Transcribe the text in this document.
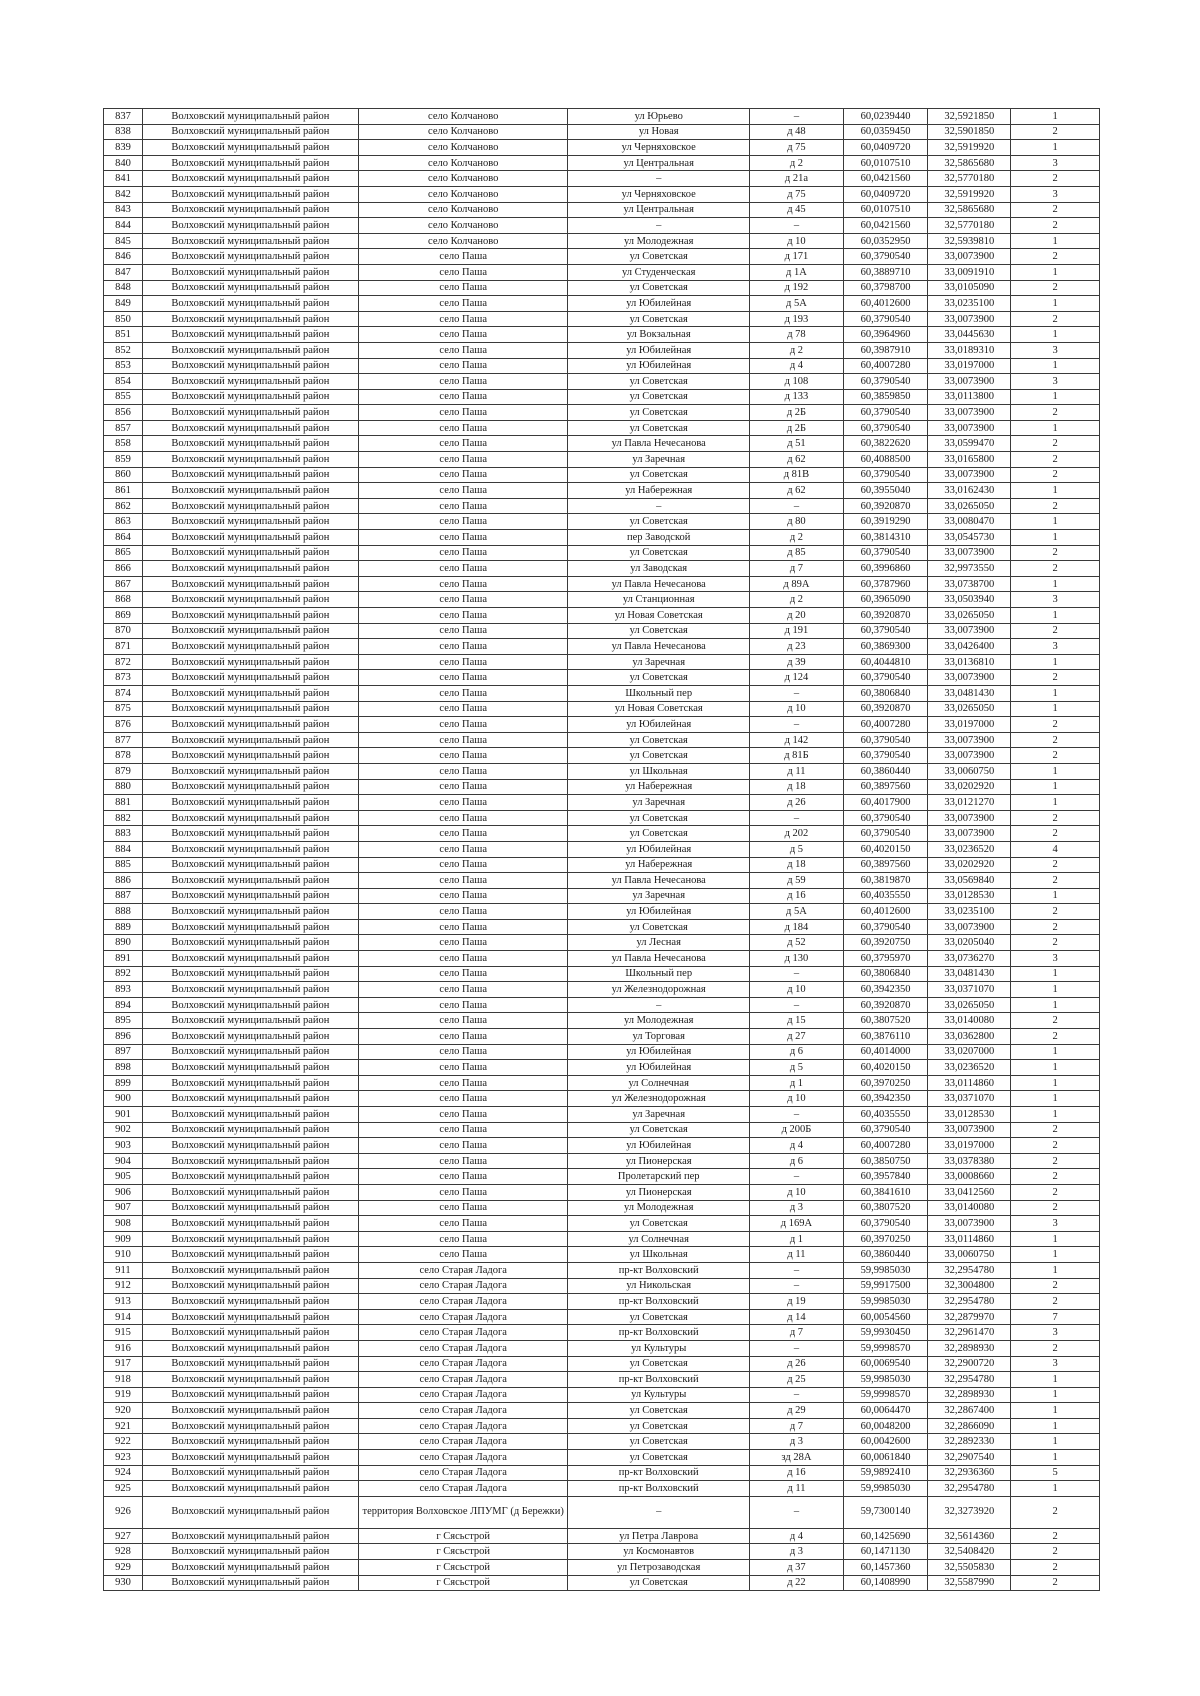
837	Волховский муниципальный район	село Колчаново	ул Юрьево	–	60,0239440	32,5921850	1
838	Волховский муниципальный район	село Колчаново	ул Новая	д 48	60,0359450	32,5901850	2
839	Волховский муниципальный район	село Колчаново	ул Черняховское	д 75	60,0409720	32,5919920	1
840	Волховский муниципальный район	село Колчаново	ул Центральная	д 2	60,0107510	32,5865680	3
841	Волховский муниципальный район	село Колчаново	–	д 21а	60,0421560	32,5770180	2
842	Волховский муниципальный район	село Колчаново	ул Черняховское	д 75	60,0409720	32,5919920	3
843	Волховский муниципальный район	село Колчаново	ул Центральная	д 45	60,0107510	32,5865680	2
844	Волховский муниципальный район	село Колчаново	–	–	60,0421560	32,5770180	2
845	Волховский муниципальный район	село Колчаново	ул Молодежная	д 10	60,0352950	32,5939810	1
846	Волховский муниципальный район	село Паша	ул Советская	д 171	60,3790540	33,0073900	2
847	Волховский муниципальный район	село Паша	ул Студенческая	д 1А	60,3889710	33,0091910	1
848	Волховский муниципальный район	село Паша	ул Советская	д 192	60,3798700	33,0105090	2
849	Волховский муниципальный район	село Паша	ул Юбилейная	д 5А	60,4012600	33,0235100	1
850	Волховский муниципальный район	село Паша	ул Советская	д 193	60,3790540	33,0073900	2
851	Волховский муниципальный район	село Паша	ул Вокзальная	д 78	60,3964960	33,0445630	1
852	Волховский муниципальный район	село Паша	ул Юбилейная	д 2	60,3987910	33,0189310	3
853	Волховский муниципальный район	село Паша	ул Юбилейная	д 4	60,4007280	33,0197000	1
854	Волховский муниципальный район	село Паша	ул Советская	д 108	60,3790540	33,0073900	3
855	Волховский муниципальный район	село Паша	ул Советская	д 133	60,3859850	33,0113800	1
856	Волховский муниципальный район	село Паша	ул Советская	д 2Б	60,3790540	33,0073900	2
857	Волховский муниципальный район	село Паша	ул Советская	д 2Б	60,3790540	33,0073900	1
858	Волховский муниципальный район	село Паша	ул Павла Нечесанова	д 51	60,3822620	33,0599470	2
859	Волховский муниципальный район	село Паша	ул Заречная	д 62	60,4088500	33,0165800	2
860	Волховский муниципальный район	село Паша	ул Советская	д 81В	60,3790540	33,0073900	2
861	Волховский муниципальный район	село Паша	ул Набережная	д 62	60,3955040	33,0162430	1
862	Волховский муниципальный район	село Паша	–	–	60,3920870	33,0265050	2
863	Волховский муниципальный район	село Паша	ул Советская	д 80	60,3919290	33,0080470	1
864	Волховский муниципальный район	село Паша	пер Заводской	д 2	60,3814310	33,0545730	1
865	Волховский муниципальный район	село Паша	ул Советская	д 85	60,3790540	33,0073900	2
866	Волховский муниципальный район	село Паша	ул Заводская	д 7	60,3996860	32,9973550	2
867	Волховский муниципальный район	село Паша	ул Павла Нечесанова	д 89А	60,3787960	33,0738700	1
868	Волховский муниципальный район	село Паша	ул Станционная	д 2	60,3965090	33,0503940	3
869	Волховский муниципальный район	село Паша	ул Новая Советская	д 20	60,3920870	33,0265050	1
870	Волховский муниципальный район	село Паша	ул Советская	д 191	60,3790540	33,0073900	2
871	Волховский муниципальный район	село Паша	ул Павла Нечесанова	д 23	60,3869300	33,0426400	3
872	Волховский муниципальный район	село Паша	ул Заречная	д 39	60,4044810	33,0136810	1
873	Волховский муниципальный район	село Паша	ул Советская	д 124	60,3790540	33,0073900	2
874	Волховский муниципальный район	село Паша	Школьный пер	–	60,3806840	33,0481430	1
875	Волховский муниципальный район	село Паша	ул Новая Советская	д 10	60,3920870	33,0265050	1
876	Волховский муниципальный район	село Паша	ул Юбилейная	–	60,4007280	33,0197000	2
877	Волховский муниципальный район	село Паша	ул Советская	д 142	60,3790540	33,0073900	2
878	Волховский муниципальный район	село Паша	ул Советская	д 81Б	60,3790540	33,0073900	2
879	Волховский муниципальный район	село Паша	ул Школьная	д 11	60,3860440	33,0060750	1
880	Волховский муниципальный район	село Паша	ул Набережная	д 18	60,3897560	33,0202920	1
881	Волховский муниципальный район	село Паша	ул Заречная	д 26	60,4017900	33,0121270	1
882	Волховский муниципальный район	село Паша	ул Советская	–	60,3790540	33,0073900	2
883	Волховский муниципальный район	село Паша	ул Советская	д 202	60,3790540	33,0073900	2
884	Волховский муниципальный район	село Паша	ул Юбилейная	д 5	60,4020150	33,0236520	4
885	Волховский муниципальный район	село Паша	ул Набережная	д 18	60,3897560	33,0202920	2
886	Волховский муниципальный район	село Паша	ул Павла Нечесанова	д 59	60,3819870	33,0569840	2
887	Волховский муниципальный район	село Паша	ул Заречная	д 16	60,4035550	33,0128530	1
888	Волховский муниципальный район	село Паша	ул Юбилейная	д 5А	60,4012600	33,0235100	2
889	Волховский муниципальный район	село Паша	ул Советская	д 184	60,3790540	33,0073900	2
890	Волховский муниципальный район	село Паша	ул Лесная	д 52	60,3920750	33,0205040	2
891	Волховский муниципальный район	село Паша	ул Павла Нечесанова	д 130	60,3795970	33,0736270	3
892	Волховский муниципальный район	село Паша	Школьный пер	–	60,3806840	33,0481430	1
893	Волховский муниципальный район	село Паша	ул Железнодорожная	д 10	60,3942350	33,0371070	1
894	Волховский муниципальный район	село Паша	–	–	60,3920870	33,0265050	1
895	Волховский муниципальный район	село Паша	ул Молодежная	д 15	60,3807520	33,0140080	2
896	Волховский муниципальный район	село Паша	ул Торговая	д 27	60,3876110	33,0362800	2
897	Волховский муниципальный район	село Паша	ул Юбилейная	д 6	60,4014000	33,0207000	1
898	Волховский муниципальный район	село Паша	ул Юбилейная	д 5	60,4020150	33,0236520	1
899	Волховский муниципальный район	село Паша	ул Солнечная	д 1	60,3970250	33,0114860	1
900	Волховский муниципальный район	село Паша	ул Железнодорожная	д 10	60,3942350	33,0371070	1
901	Волховский муниципальный район	село Паша	ул Заречная	–	60,4035550	33,0128530	1
902	Волховский муниципальный район	село Паша	ул Советская	д 200Б	60,3790540	33,0073900	2
903	Волховский муниципальный район	село Паша	ул Юбилейная	д 4	60,4007280	33,0197000	2
904	Волховский муниципальный район	село Паша	ул Пионерская	д 6	60,3850750	33,0378380	2
905	Волховский муниципальный район	село Паша	Пролетарский пер	–	60,3957840	33,0008660	2
906	Волховский муниципальный район	село Паша	ул Пионерская	д 10	60,3841610	33,0412560	2
907	Волховский муниципальный район	село Паша	ул Молодежная	д 3	60,3807520	33,0140080	2
908	Волховский муниципальный район	село Паша	ул Советская	д 169А	60,3790540	33,0073900	3
909	Волховский муниципальный район	село Паша	ул Солнечная	д 1	60,3970250	33,0114860	1
910	Волховский муниципальный район	село Паша	ул Школьная	д 11	60,3860440	33,0060750	1
911	Волховский муниципальный район	село Старая Ладога	пр-кт Волховский	–	59,9985030	32,2954780	1
912	Волховский муниципальный район	село Старая Ладога	ул Никольская	–	59,9917500	32,3004800	2
913	Волховский муниципальный район	село Старая Ладога	пр-кт Волховский	д 19	59,9985030	32,2954780	2
914	Волховский муниципальный район	село Старая Ладога	ул Советская	д 14	60,0054560	32,2879970	7
915	Волховский муниципальный район	село Старая Ладога	пр-кт Волховский	д 7	59,9930450	32,2961470	3
916	Волховский муниципальный район	село Старая Ладога	ул Культуры	–	59,9998570	32,2898930	2
917	Волховский муниципальный район	село Старая Ладога	ул Советская	д 26	60,0069540	32,2900720	3
918	Волховский муниципальный район	село Старая Ладога	пр-кт Волховский	д 25	59,9985030	32,2954780	1
919	Волховский муниципальный район	село Старая Ладога	ул Культуры	–	59,9998570	32,2898930	1
920	Волховский муниципальный район	село Старая Ладога	ул Советская	д 29	60,0064470	32,2867400	1
921	Волховский муниципальный район	село Старая Ладога	ул Советская	д 7	60,0048200	32,2866090	1
922	Волховский муниципальный район	село Старая Ладога	ул Советская	д 3	60,0042600	32,2892330	1
923	Волховский муниципальный район	село Старая Ладога	ул Советская	зд 28А	60,0061840	32,2907540	1
924	Волховский муниципальный район	село Старая Ладога	пр-кт Волховский	д 16	59,9892410	32,2936360	5
925	Волховский муниципальный район	село Старая Ладога	пр-кт Волховский	д 11	59,9985030	32,2954780	1
926	Волховский муниципальный район	территория Волховское ЛПУМГ (д Бережки)	–	–	59,7300140	32,3273920	2
927	Волховский муниципальный район	г Сясьстрой	ул Петра Лаврова	д 4	60,1425690	32,5614360	2
928	Волховский муниципальный район	г Сясьстрой	ул Космонавтов	д 3	60,1471130	32,5408420	2
929	Волховский муниципальный район	г Сясьстрой	ул Петрозаводская	д 37	60,1457360	32,5505830	2
930	Волховский муниципальный район	г Сясьстрой	ул Советская	д 22	60,1408990	32,5587990	2
